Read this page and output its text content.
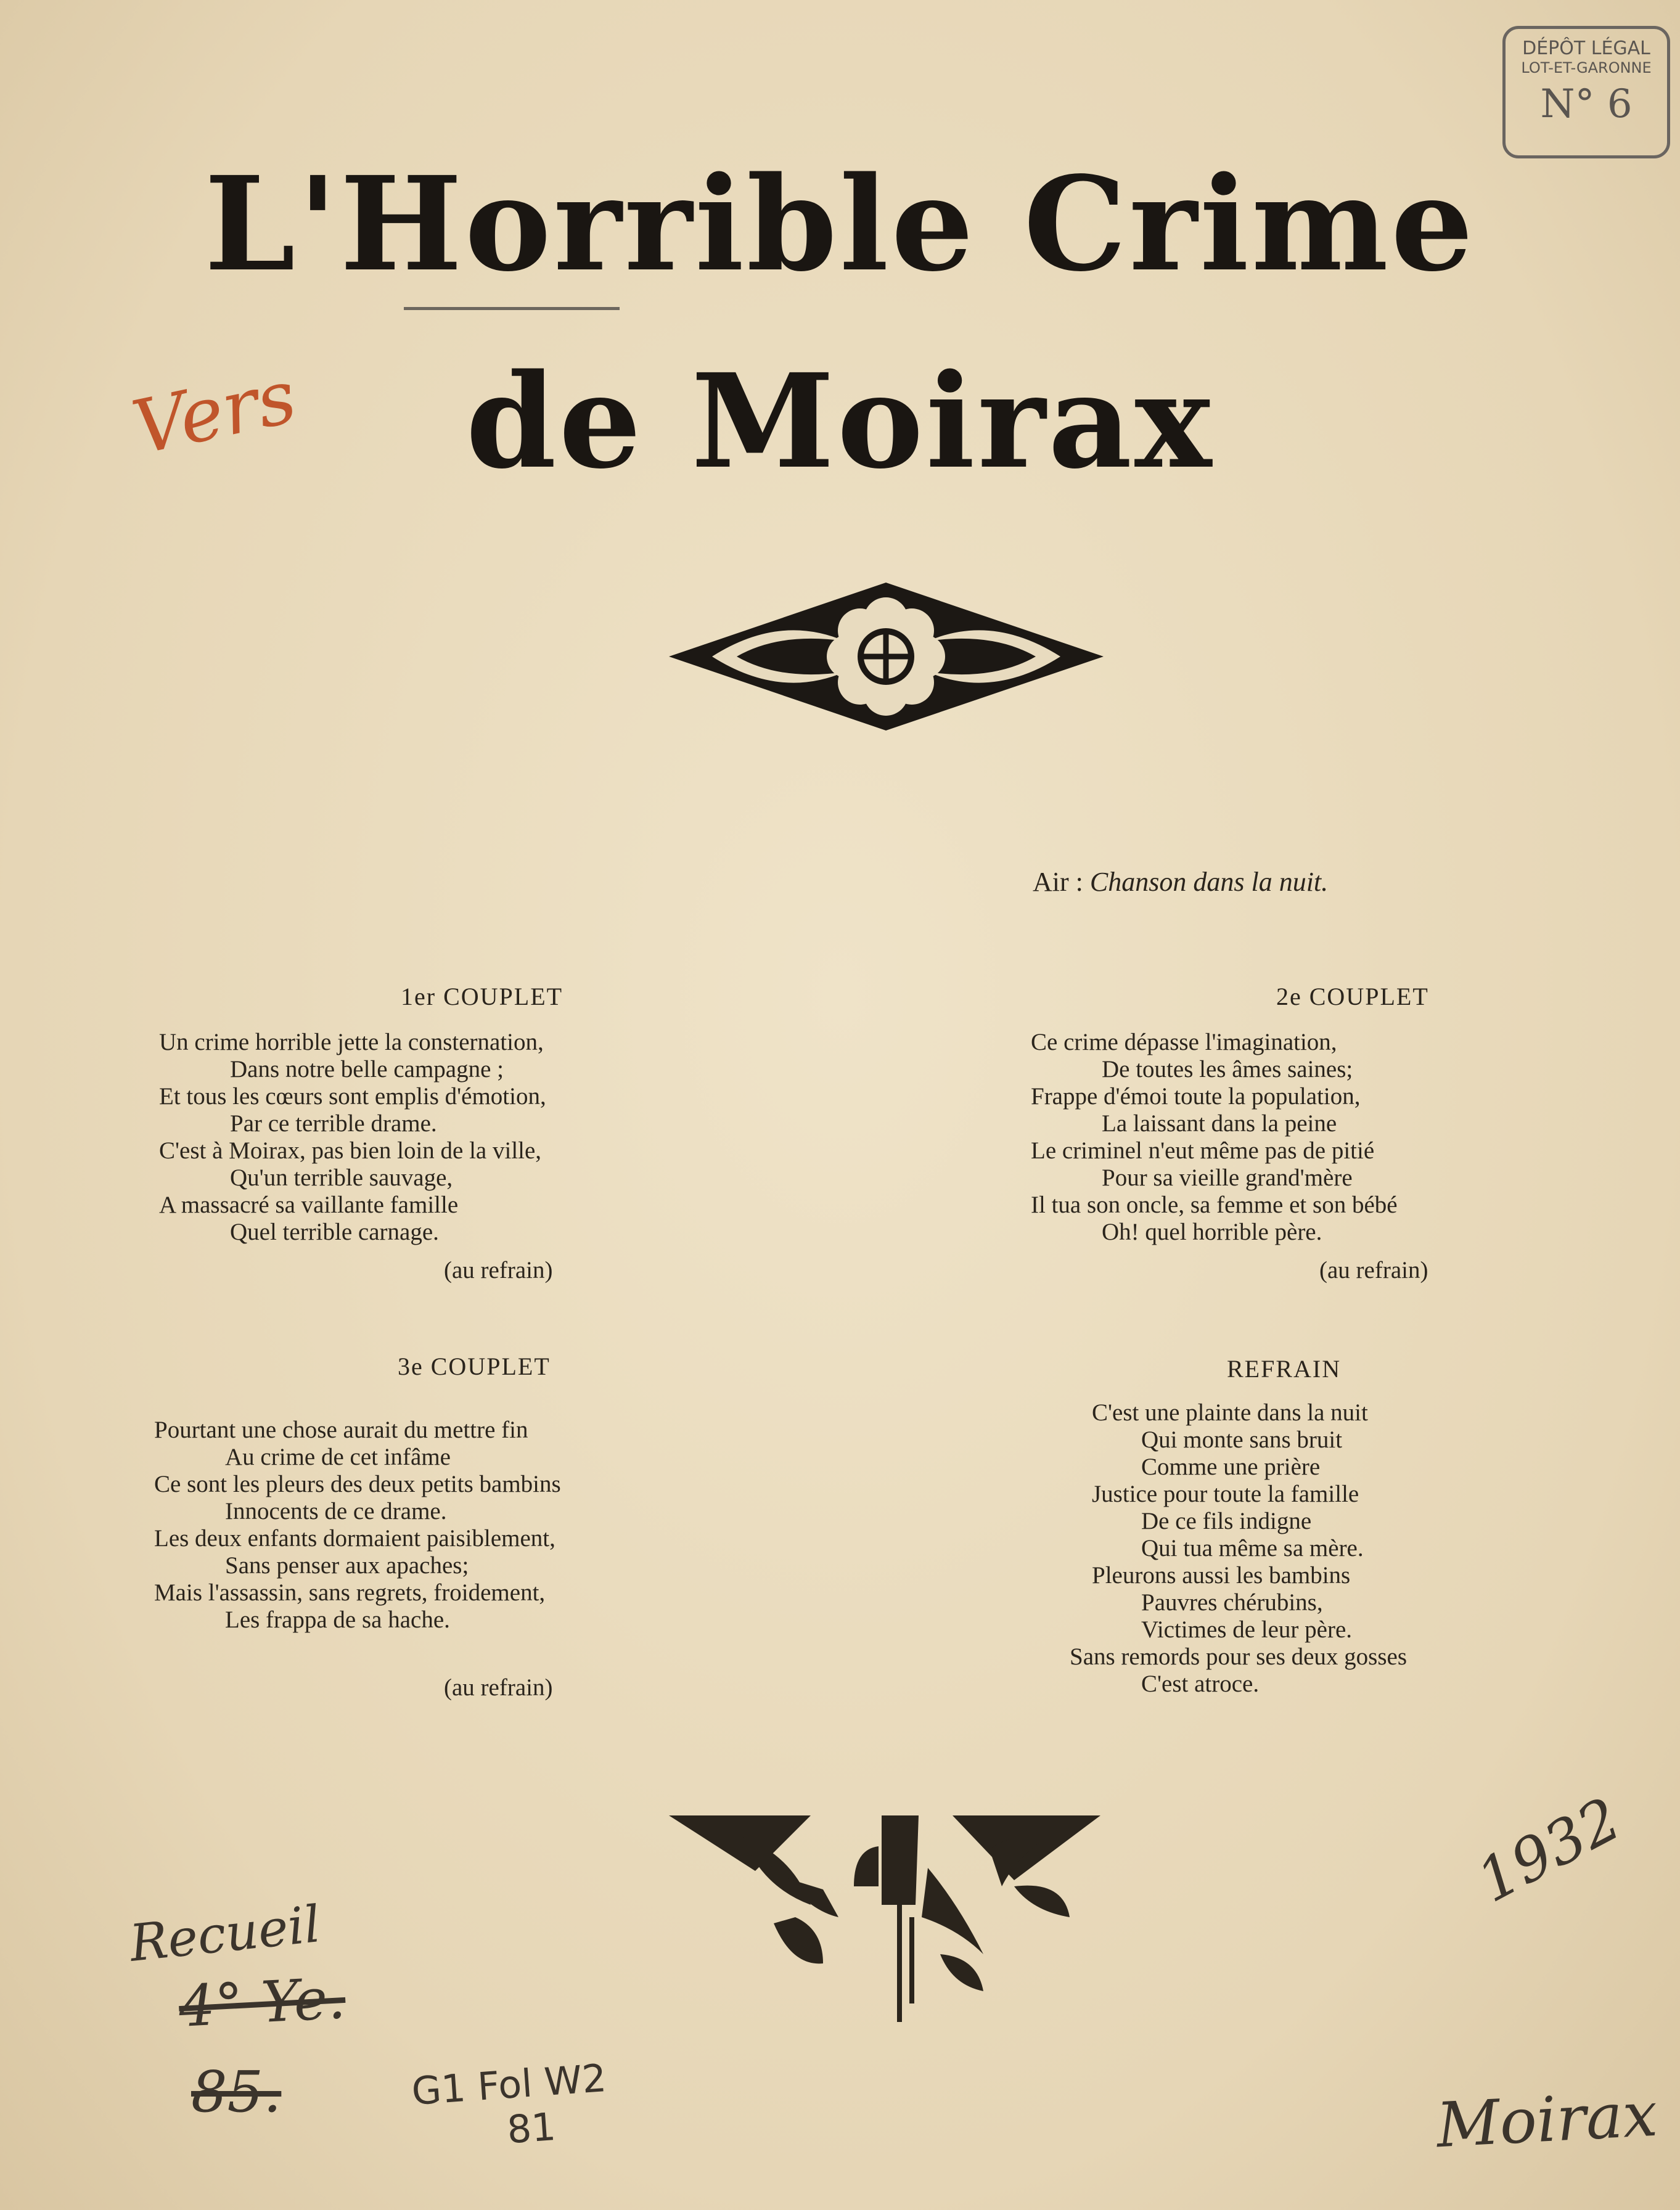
DÉPÔT LÉGAL
LOT-ET-GARONNE
N° 6
L'Horrible Crime
de Moirax
Vers
Air : Chanson dans la nuit.
1er COUPLET
Un crime horrible jette la consternation,
Dans notre belle campagne ;
Et tous les cœurs sont emplis d'émotion,
Par ce terrible drame.
C'est à Moirax, pas bien loin de la ville,
Qu'un terrible sauvage,
A massacré sa vaillante famille
Quel terrible carnage.
(au refrain)
2e COUPLET
Ce crime dépasse l'imagination,
De toutes les âmes saines;
Frappe d'émoi toute la population,
La laissant dans la peine
Le criminel n'eut même pas de pitié
Pour sa vieille grand'mère
Il tua son oncle, sa femme et son bébé
Oh! quel horrible père.
(au refrain)
3e COUPLET
Pourtant une chose aurait du mettre fin
Au crime de cet infâme
Ce sont les pleurs des deux petits bambins
Innocents de ce drame.
Les deux enfants dormaient paisiblement,
Sans penser aux apaches;
Mais l'assassin, sans regrets, froidement,
Les frappa de sa hache.
(au refrain)
REFRAIN
C'est une plainte dans la nuit
Qui monte sans bruit
Comme une prière
Justice pour toute la famille
De ce fils indigne
Qui tua même sa mère.
Pleurons aussi les bambins
Pauvres chérubins,
Victimes de leur père.
Sans remords pour ses deux gosses
C'est atroce.
Recueil
4° Ye.
85.	G1 Fol W2
81
1932
Moirax
